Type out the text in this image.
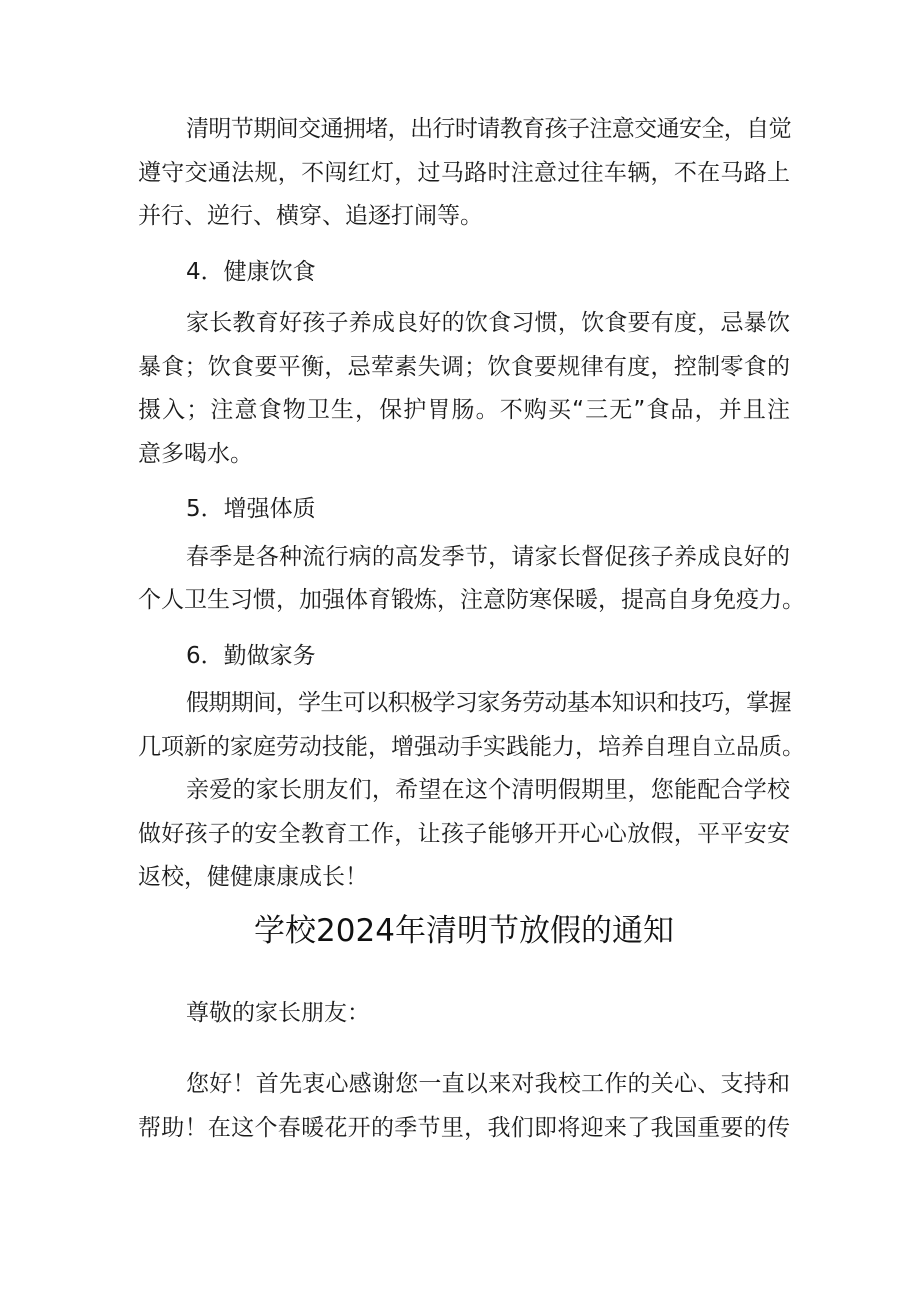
清明节期间交通拥堵，出行时请教育孩子注意交通安全，自觉
遵守交通法规，不闯红灯，过马路时注意过往车辆，不在马路上
并行、逆行、横穿、追逐打闹等。
4．健康饮食
家长教育好孩子养成良好的饮食习惯，饮食要有度，忌暴饮
暴食；饮食要平衡，忌荤素失调；饮食要规律有度，控制零食的
摄入；注意食物卫生，保护胃肠。不购买“三无”食品，并且注
意多喝水。
5．增强体质
春季是各种流行病的高发季节，请家长督促孩子养成良好的
个人卫生习惯，加强体育锻炼，注意防寒保暖，提高自身免疫力。
6．勤做家务
假期期间，学生可以积极学习家务劳动基本知识和技巧，掌握
几项新的家庭劳动技能，增强动手实践能力，培养自理自立品质。
亲爱的家长朋友们，希望在这个清明假期里，您能配合学校
做好孩子的安全教育工作，让孩子能够开开心心放假，平平安安
返校，健健康康成长！
学校2024年清明节放假的通知
尊敬的家长朋友：
您好！首先衷心感谢您一直以来对我校工作的关心、支持和
帮助！在这个春暖花开的季节里，我们即将迎来了我国重要的传
